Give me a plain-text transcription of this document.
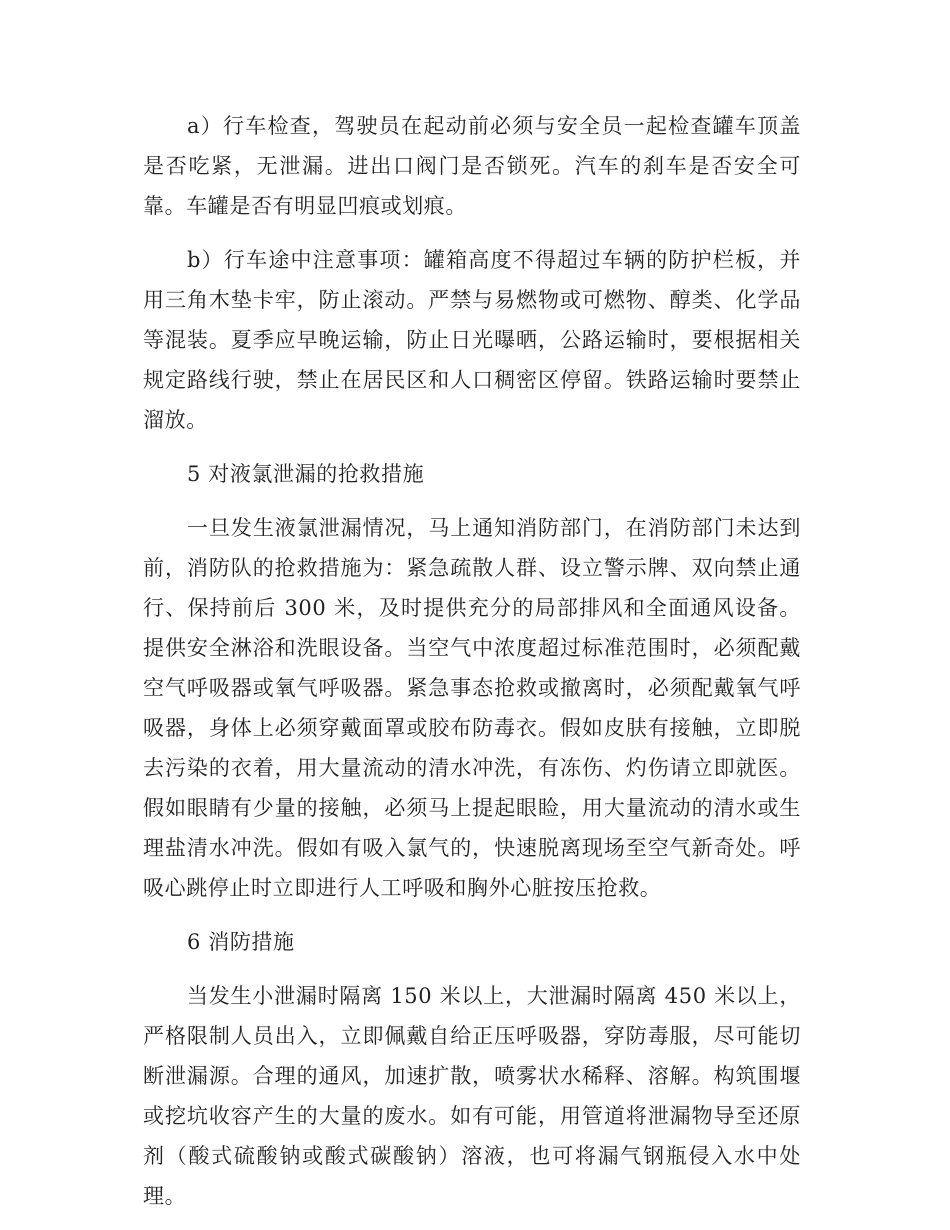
a）行车检查，驾驶员在起动前必须与安全员一起检查罐车顶盖是否吃紧，无泄漏。进出口阀门是否锁死。汽车的刹车是否安全可靠。车罐是否有明显凹痕或划痕。

b）行车途中注意事项：罐箱高度不得超过车辆的防护栏板，并用三角木垫卡牢，防止滚动。严禁与易燃物或可燃物、醇类、化学品等混装。夏季应早晚运输，防止日光曝晒，公路运输时，要根据相关规定路线行驶，禁止在居民区和人口稠密区停留。铁路运输时要禁止溜放。

5 对液氯泄漏的抢救措施

一旦发生液氯泄漏情况，马上通知消防部门，在消防部门未达到前，消防队的抢救措施为：紧急疏散人群、设立警示牌、双向禁止通行、保持前后 300 米，及时提供充分的局部排风和全面通风设备。提供安全淋浴和洗眼设备。当空气中浓度超过标准范围时，必须配戴空气呼吸器或氧气呼吸器。紧急事态抢救或撤离时，必须配戴氧气呼吸器，身体上必须穿戴面罩或胶布防毒衣。假如皮肤有接触，立即脱去污染的衣着，用大量流动的清水冲洗，有冻伤、灼伤请立即就医。假如眼睛有少量的接触，必须马上提起眼睑，用大量流动的清水或生理盐清水冲洗。假如有吸入氯气的，快速脱离现场至空气新奇处。呼吸心跳停止时立即进行人工呼吸和胸外心脏按压抢救。

6 消防措施

当发生小泄漏时隔离 150 米以上，大泄漏时隔离 450 米以上，严格限制人员出入，立即佩戴自给正压呼吸器，穿防毒服，尽可能切断泄漏源。合理的通风，加速扩散，喷雾状水稀释、溶解。构筑围堰或挖坑收容产生的大量的废水。如有可能，用管道将泄漏物导至还原剂（酸式硫酸钠或酸式碳酸钠）溶液，也可将漏气钢瓶侵入水中处理。
